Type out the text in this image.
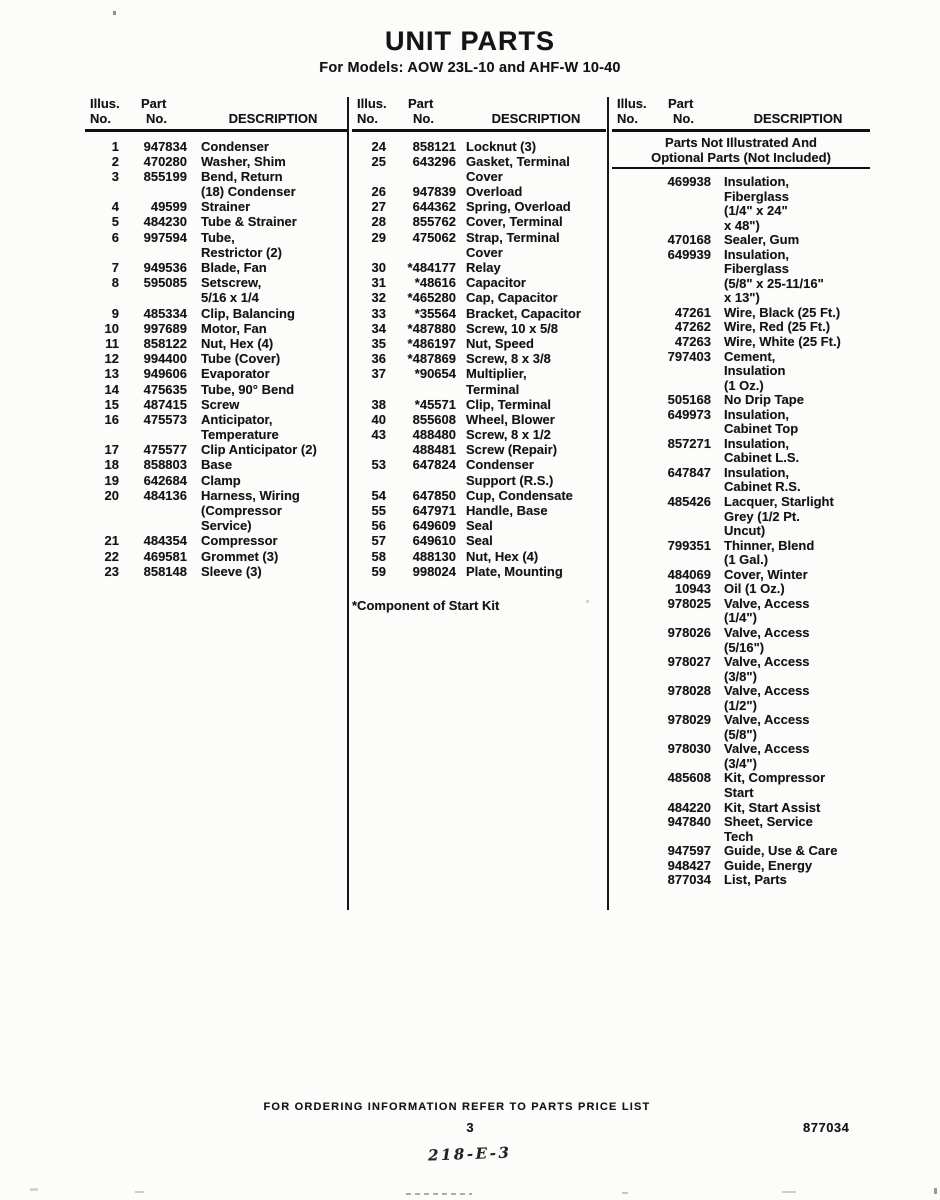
UNIT PARTS
For Models: AOW 23L-10 and AHF-W 10-40
Illus.	Part
No.	No.	DESCRIPTION
1	947834 Condenser
2	470280 Washer, Shim
3	855199 Bend, Return
(18) Condenser
4	49599 Strainer
5	484230 Tube & Strainer
6	997594 Tube,
Restrictor (2)
7	949536 Blade, Fan
8	595085 Setscrew,
5/16 x 1/4
9	485334 Clip, Balancing
10	997689 Motor, Fan
11	858122 Nut, Hex (4)
12	994400 Tube (Cover)
13	949606 Evaporator
14	475635 Tube, 90° Bend
15	487415 Screw
16	475573 Anticipator,
Temperature
17	475577 Clip Anticipator (2)
18	858803 Base
19	642684 Clamp
20	484136 Harness, Wiring
(Compressor
Service)
21	484354 Compressor
22	469581 Grommet (3)
23	858148 Sleeve (3)
Illus.	Part
No.	No.	DESCRIPTION
24	858121 Locknut (3)
25	643296 Gasket, Terminal
Cover
26	947839 Overload
27	644362 Spring, Overload
28	855762 Cover, Terminal
29	475062 Strap, Terminal
Cover
30	*484177 Relay
31	*48616 Capacitor
32	*465280 Cap, Capacitor
33	*35564 Bracket, Capacitor
34	*487880 Screw, 10 x 5/8
35	*486197 Nut, Speed
36	*487869 Screw, 8 x 3/8
37	*90654 Multiplier,
Terminal
38	*45571 Clip, Terminal
40	855608 Wheel, Blower
43	488480 Screw, 8 x 1/2
488481 Screw (Repair)
53	647824 Condenser
Support (R.S.)
54	647850 Cup, Condensate
55	647971 Handle, Base
56	649609 Seal
57	649610 Seal
58	488130 Nut, Hex (4)
59	998024 Plate, Mounting
*Component of Start Kit
Illus.	Part
No.	No.	DESCRIPTION
Parts Not Illustrated And
Optional Parts (Not Included)
469938 Insulation,
Fiberglass
(1/4" x 24"
x 48")
470168 Sealer, Gum
649939 Insulation,
Fiberglass
(5/8" x 25-11/16"
x 13")
47261 Wire, Black (25 Ft.)
47262 Wire, Red (25 Ft.)
47263 Wire, White (25 Ft.)
797403 Cement,
Insulation
(1 Oz.)
505168 No Drip Tape
649973 Insulation,
Cabinet Top
857271 Insulation,
Cabinet L.S.
647847 Insulation,
Cabinet R.S.
485426 Lacquer, Starlight
Grey (1/2 Pt.
Uncut)
799351 Thinner, Blend
(1 Gal.)
484069 Cover, Winter
10943 Oil (1 Oz.)
978025 Valve, Access
(1/4")
978026 Valve, Access
(5/16")
978027 Valve, Access
(3/8")
978028 Valve, Access
(1/2")
978029 Valve, Access
(5/8")
978030 Valve, Access
(3/4")
485608 Kit, Compressor
Start
484220 Kit, Start Assist
947840 Sheet, Service
Tech
947597 Guide, Use & Care
948427 Guide, Energy
877034 List, Parts
FOR ORDERING INFORMATION REFER TO PARTS PRICE LIST
3	877034
218-E-3
